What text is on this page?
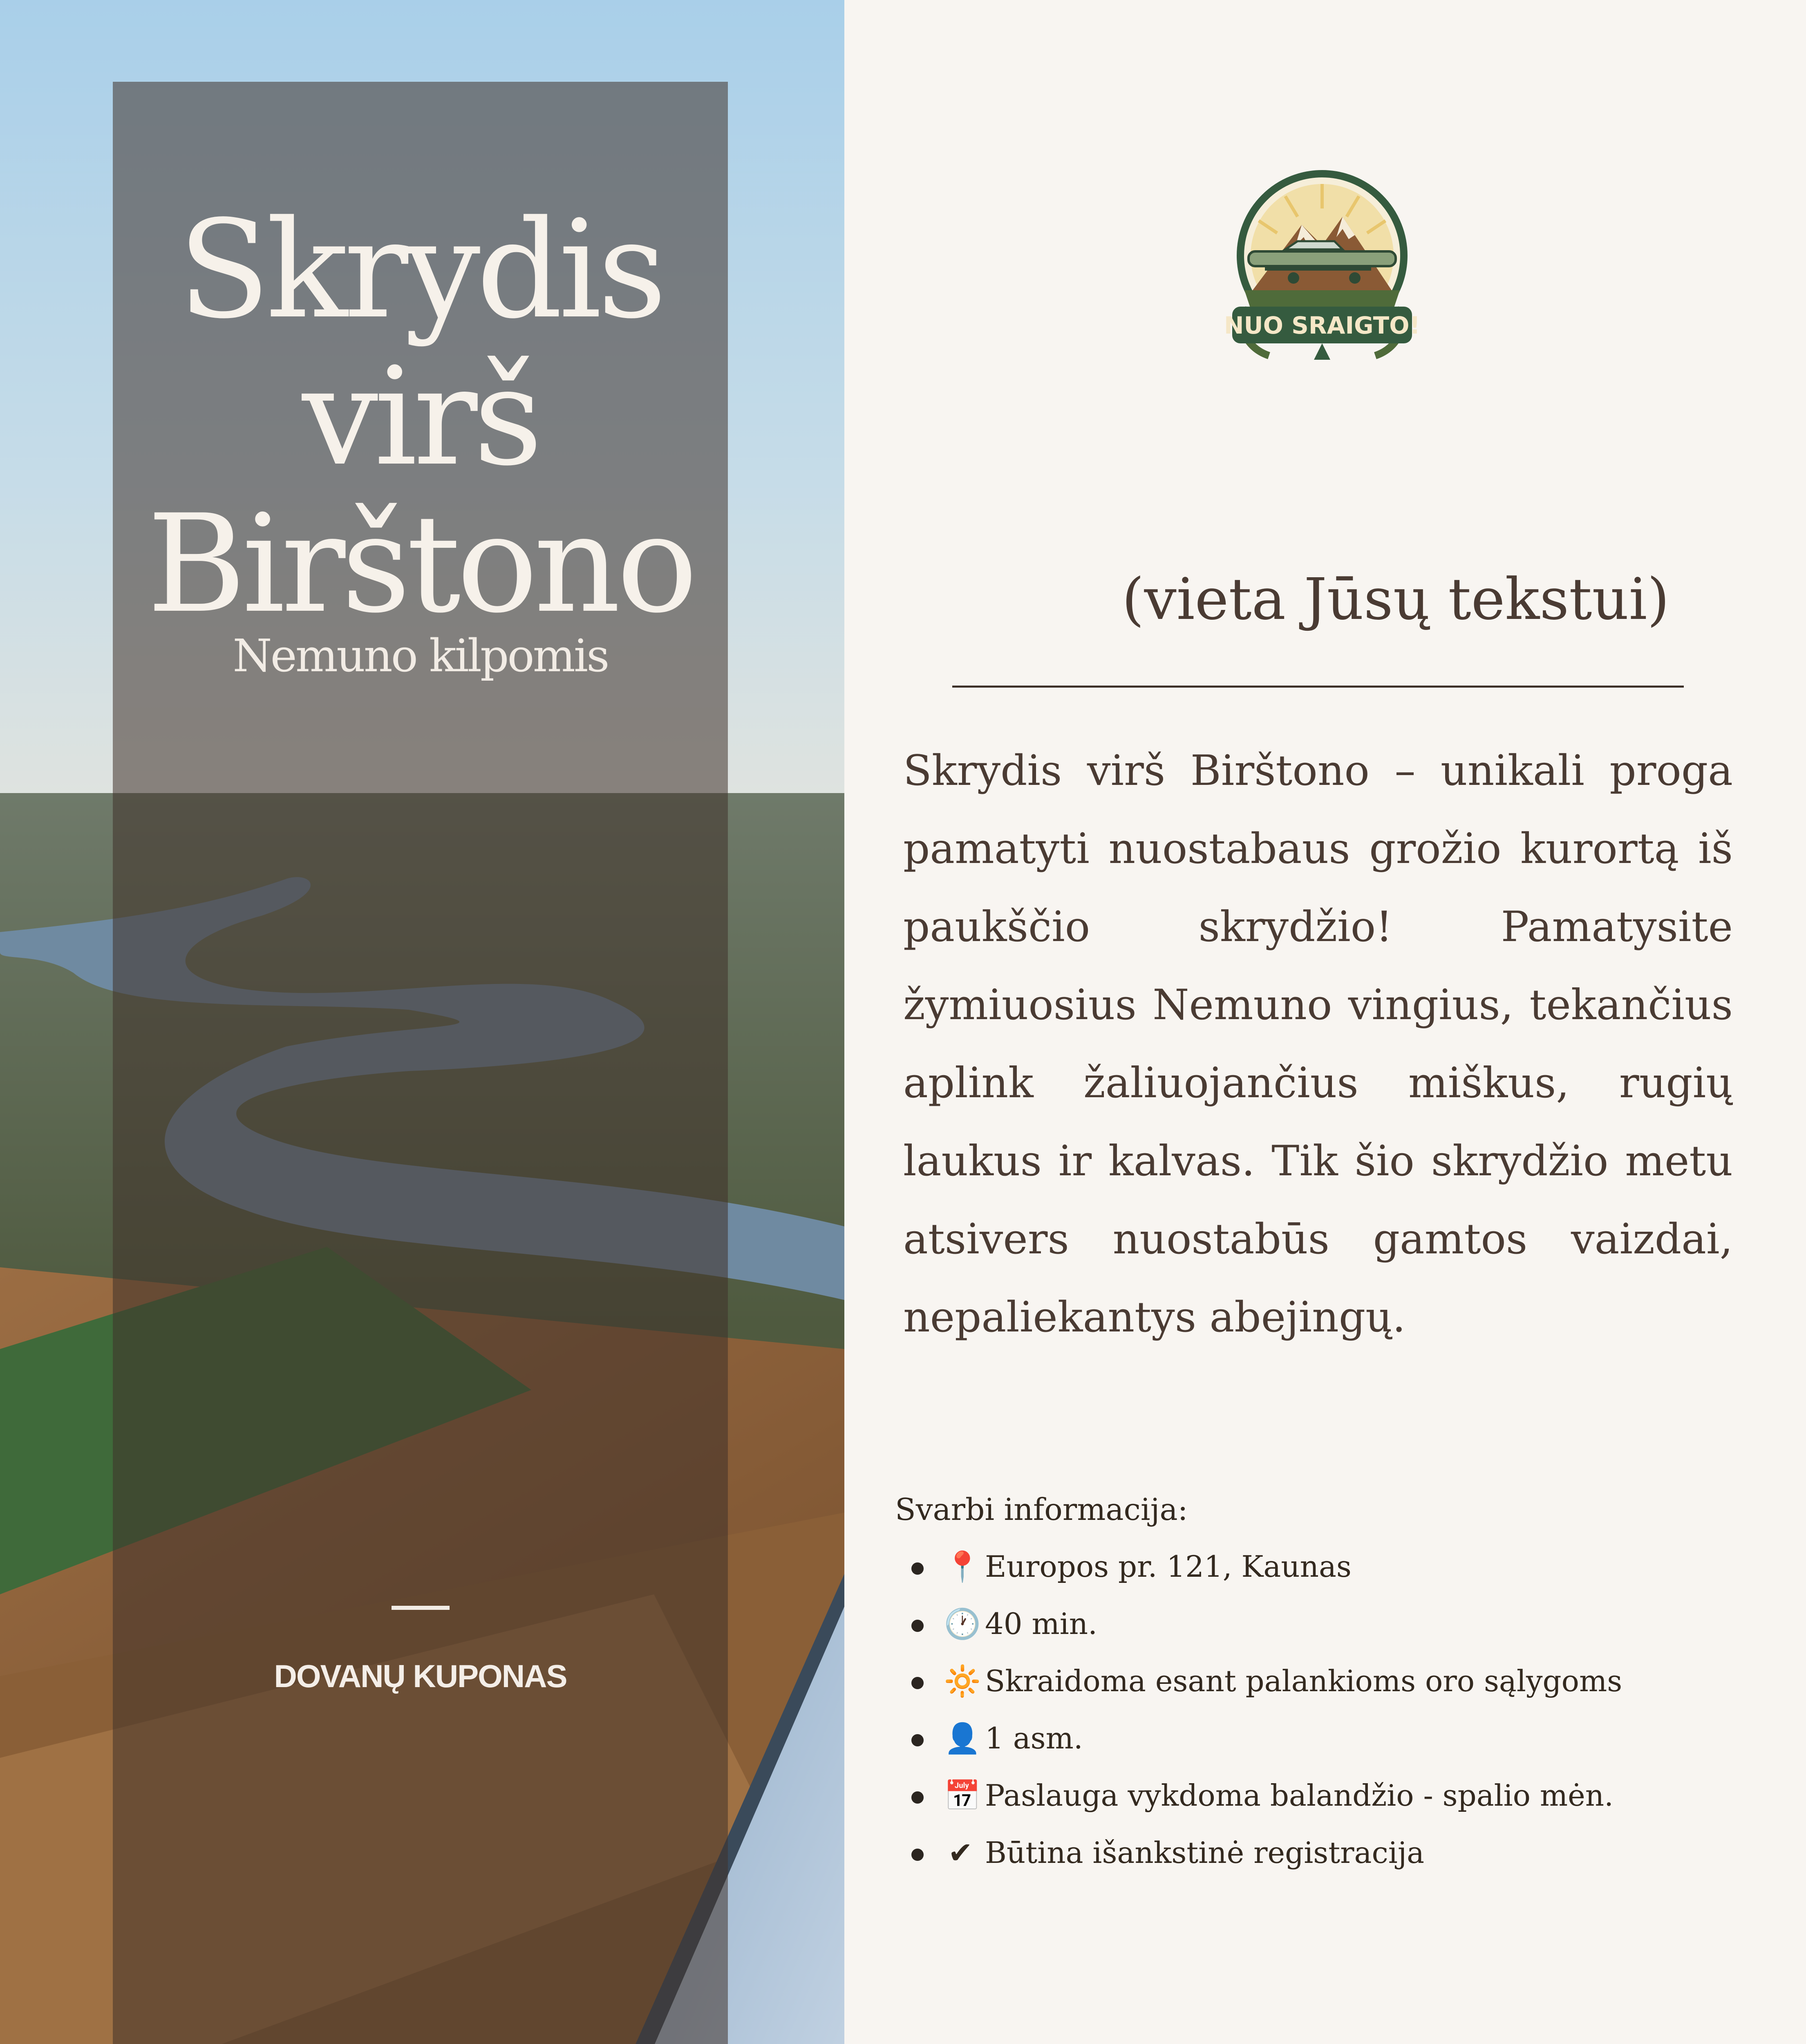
Skrydis
virš
Birštono
Nemuno kilpomis
DOVANŲ KUPONAS
NUO SRAIGTO!
(vieta Jūsų tekstui)
Skrydis virš Birštono – unikali proga pamatyti nuostabaus grožio kurortą iš paukščio skrydžio! Pamatysite žymiuosius Nemuno vingius, tekančius aplink žaliuojančius miškus, rugių laukus ir kalvas. Tik šio skrydžio metu atsivers nuostabūs gamtos vaizdai, nepaliekantys abejingų.
Svarbi informacija:
📍 Europos pr. 121, Kaunas
🕐 40 min.
🔆 Skraidoma esant palankioms oro sąlygoms
👤 1 asm.
📅 Paslauga vykdoma balandžio - spalio mėn.
✔ Būtina išankstinė registracija
